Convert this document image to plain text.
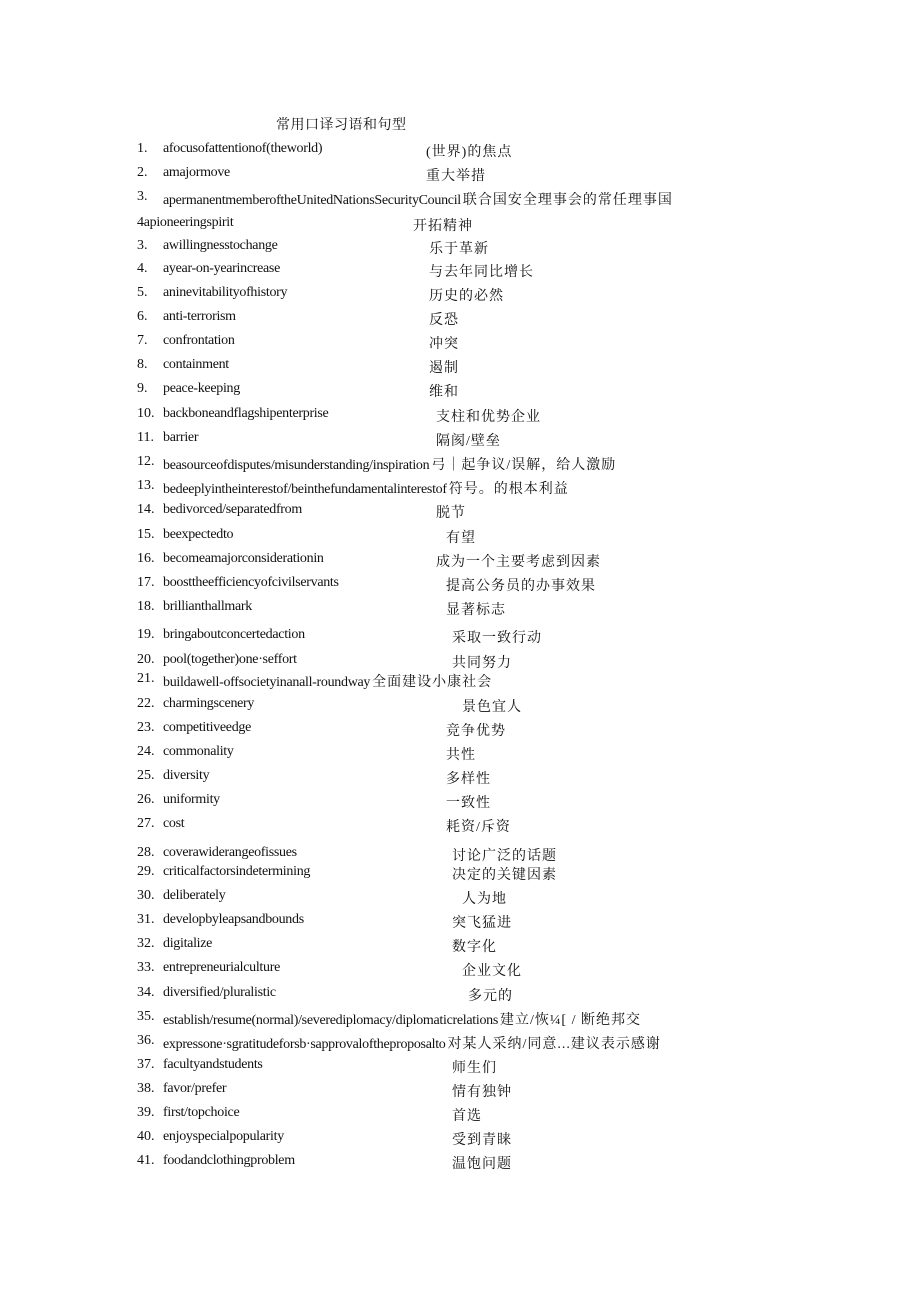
常用口译习语和句型
1. afocusofattentionof(theworld)	(世界)的焦点
2. amajormove	重大举措
3. apermanentmemberoftheUnitedNationsSecurityCouncil 联合国安全理事会的常任理事国
4apioneeringspirit	开拓精神
3. awillingnesstochange	乐于革新
4. ayear-on-yearincrease	与去年同比增长
5. aninevitabilityofhistory	历史的必然
6. anti-terrorism	反恐
7. confrontation	冲突
8. containment	遏制
9. peace-keeping	维和
10. backboneandflagshipenterprise	支柱和优势企业
11. barrier	隔阂/壁垒
12. beasourceofdisputes/misunderstanding/inspiration 弓｜起争议/误解，给人激励
13. bedeeplyintheinterestof/beinthefundamentalinterestof 符号。的根本利益
14. bedivorced/separatedfrom	脱节
15. beexpectedto	有望
16. becomeamajorconsiderationin	成为一个主要考虑到因素
17. boosttheefficiencyofcivilservants	提高公务员的办事效果
18. brillianthallmark	显著标志
19. bringaboutconcertedaction	采取一致行动
20. pool(together)one·seffort	共同努力
21. buildawell-offsocietyinanall-roundway 全面建设小康社会
22. charmingscenery	景色宜人
23. competitiveedge	竞争优势
24. commonality	共性
25. diversity	多样性
26. uniformity	一致性
27. cost	耗资/斥资
28. coverawiderangeofissues	讨论广泛的话题
29. criticalfactorsindetermining	决定的关键因素
30. deliberately	人为地
31. developbyleapsandbounds	突飞猛进
32. digitalize	数字化
33. entrepreneurialculture	企业文化
34. diversified/pluralistic	多元的
35. establish/resume(normal)/severediplomacy/diplomaticrelations 建立/恢¼[ / 断绝邦交
36. expressone·sgratitudeforsb·sapprovaloftheproposalto 对某人采纳/同意...建议表示感谢
37. facultyandstudents	师生们
38. favor/prefer	情有独钟
39. first/topchoice	首选
40. enjoyspecialpopularity	受到青睐
41. foodandclothingproblem	温饱问题
